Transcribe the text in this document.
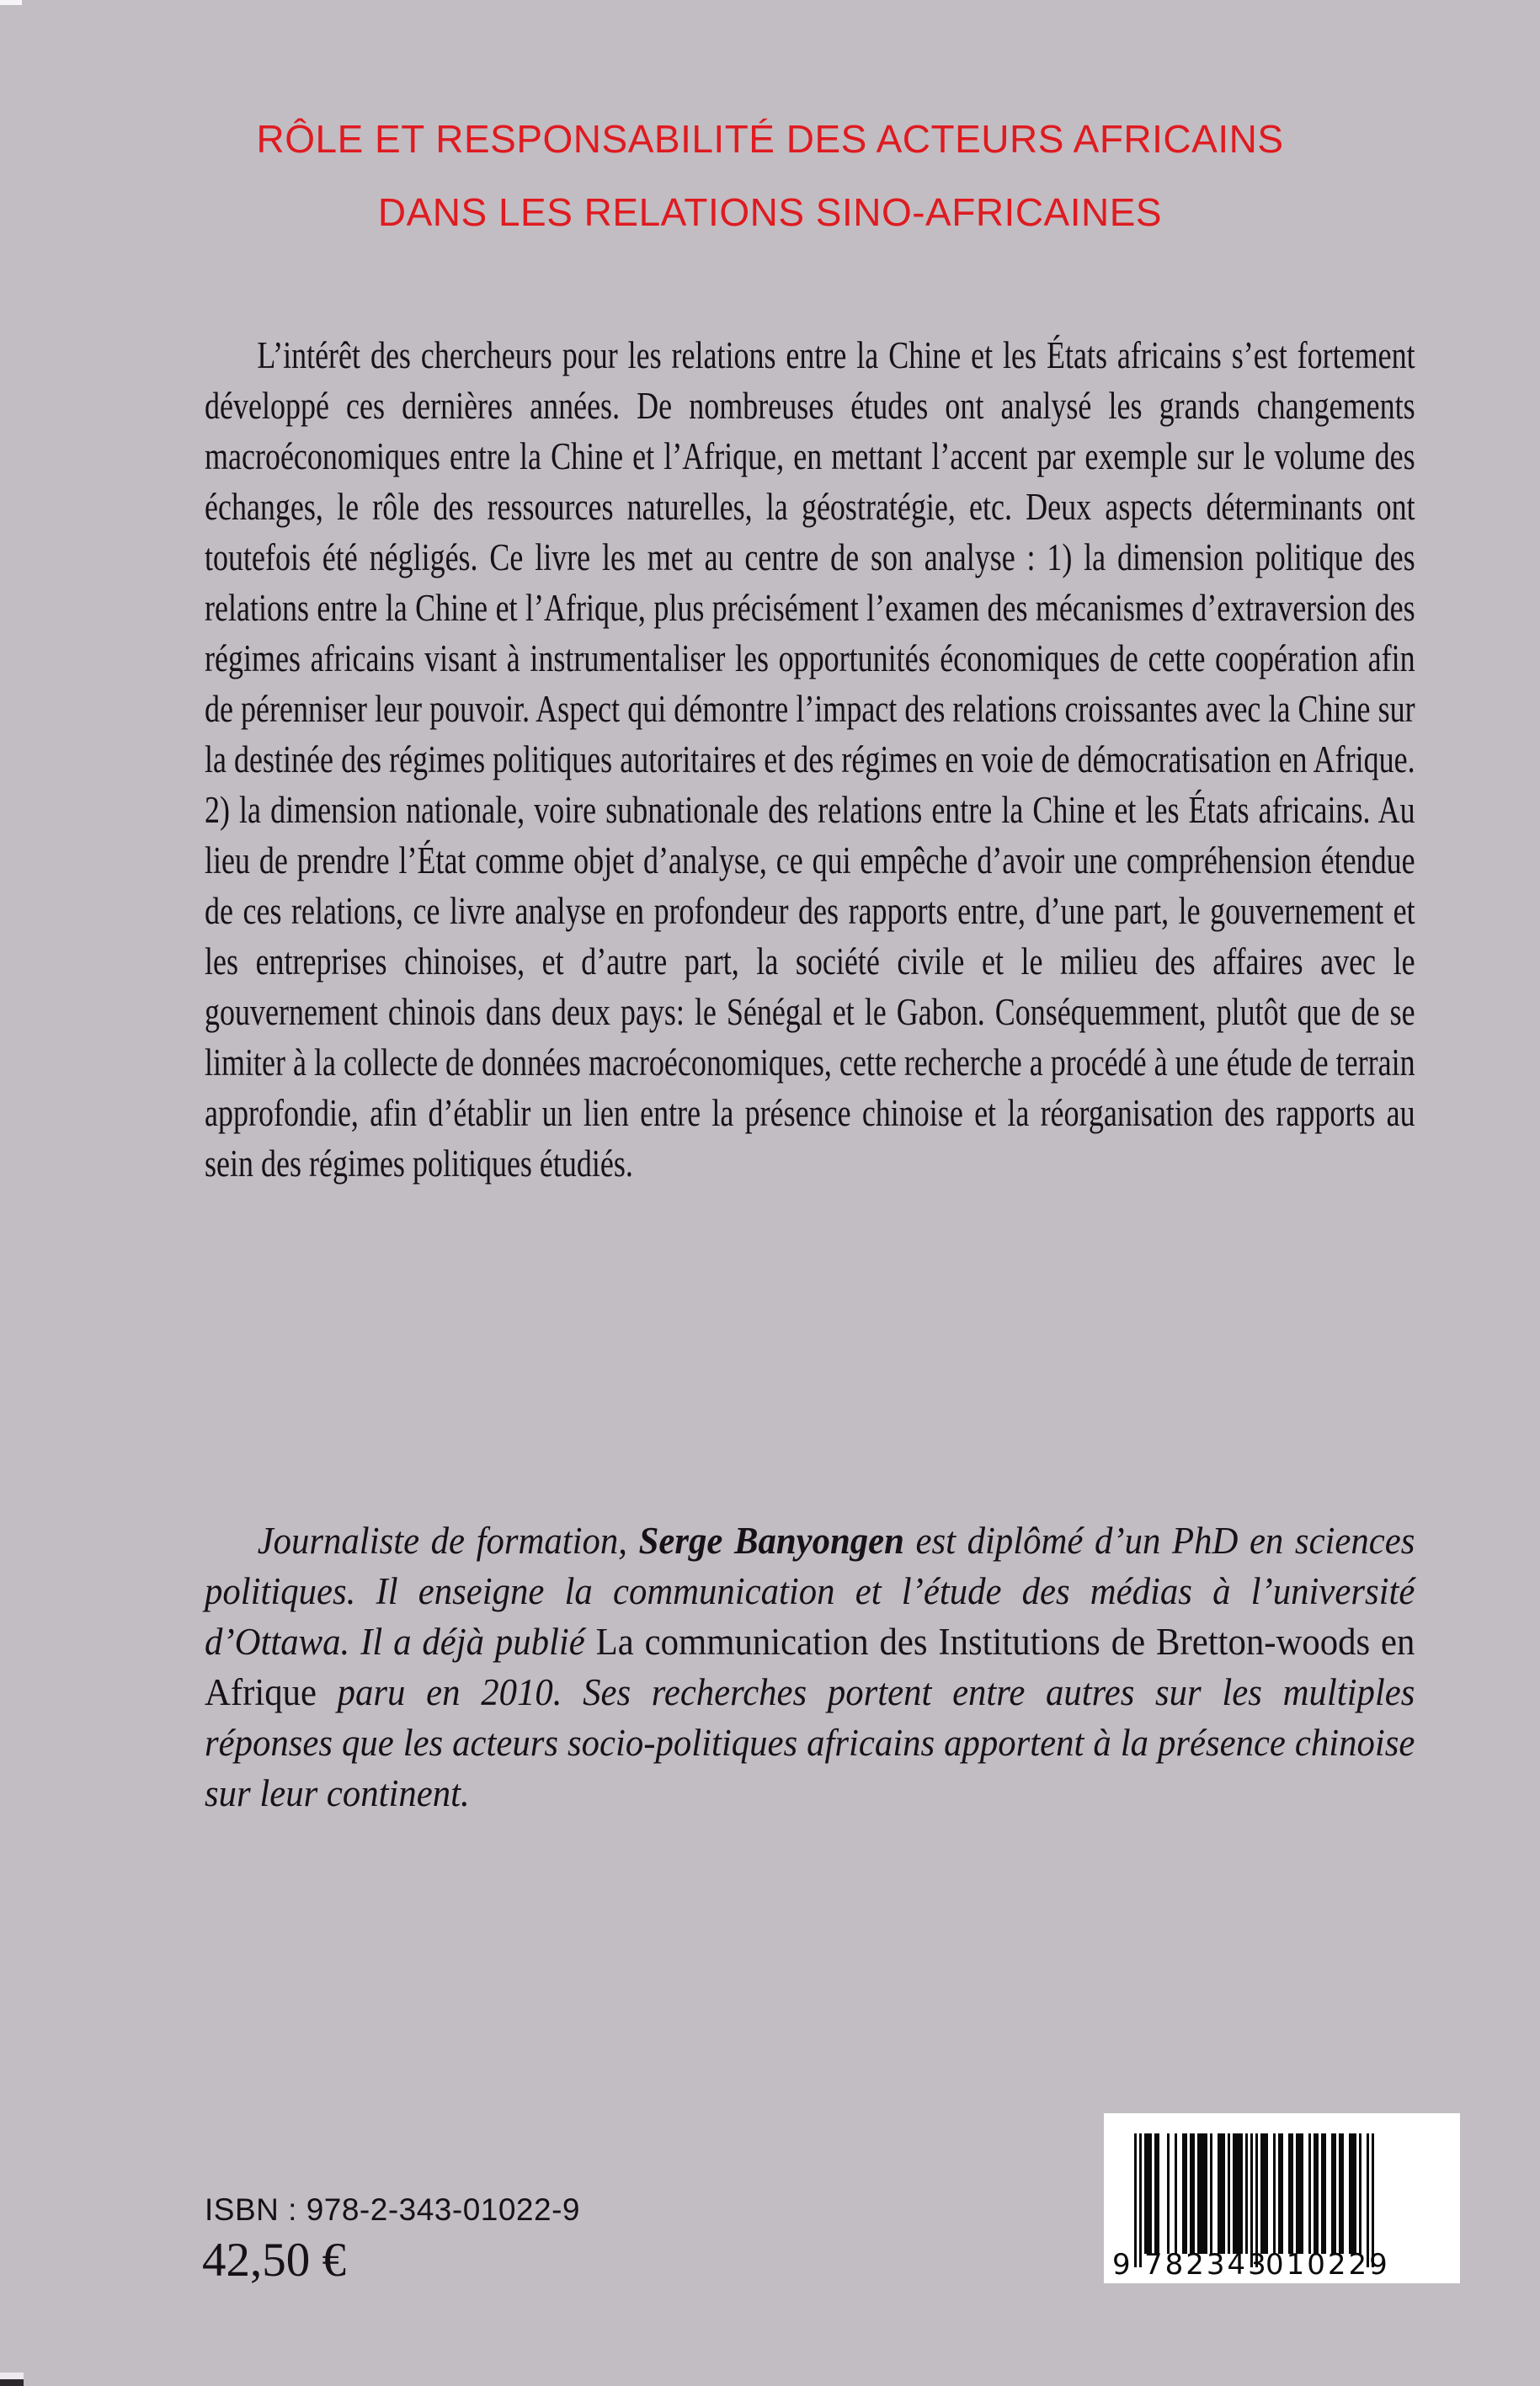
RÔLE ET RESPONSABILITÉ DES ACTEURS AFRICAINS
DANS LES RELATIONS SINO-AFRICAINES

L’intérêt des chercheurs pour les relations entre la Chine et les États africains s’est fortement développé ces dernières années. De nombreuses études ont analysé les grands changements macroéconomiques entre la Chine et l’Afrique, en mettant l’accent par exemple sur le volume des échanges, le rôle des ressources naturelles, la géostratégie, etc. Deux aspects déterminants ont toutefois été négligés. Ce livre les met au centre de son analyse : 1) la dimension politique des relations entre la Chine et l’Afrique, plus précisément l’examen des mécanismes d’extraversion des régimes africains visant à instrumentaliser les opportunités économiques de cette coopération afin de pérenniser leur pouvoir. Aspect qui démontre l’impact des relations croissantes avec la Chine sur la destinée des régimes politiques autoritaires et des régimes en voie de démocratisation en Afrique. 2) la dimension nationale, voire subnationale des relations entre la Chine et les États africains. Au lieu de prendre l’État comme objet d’analyse, ce qui empêche d’avoir une compréhension étendue de ces relations, ce livre analyse en profondeur des rapports entre, d’une part, le gouvernement et les entreprises chinoises, et d’autre part, la société civile et le milieu des affaires avec le gouvernement chinois dans deux pays: le Sénégal et le Gabon. Conséquemment, plutôt que de se limiter à la collecte de données macroéconomiques, cette recherche a procédé à une étude de terrain approfondie, afin d’établir un lien entre la présence chinoise et la réorganisation des rapports au sein des régimes politiques étudiés.

Journaliste de formation, Serge Banyongen est diplômé d’un PhD en sciences politiques. Il enseigne la communication et l’étude des médias à l’université d’Ottawa. Il a déjà publié La communication des Institutions de Bretton-woods en Afrique paru en 2010. Ses recherches portent entre autres sur les multiples réponses que les acteurs socio-politiques africains apportent à la présence chinoise sur leur continent.

ISBN : 978-2-343-01022-9
42,50 €	9 782343
010229
